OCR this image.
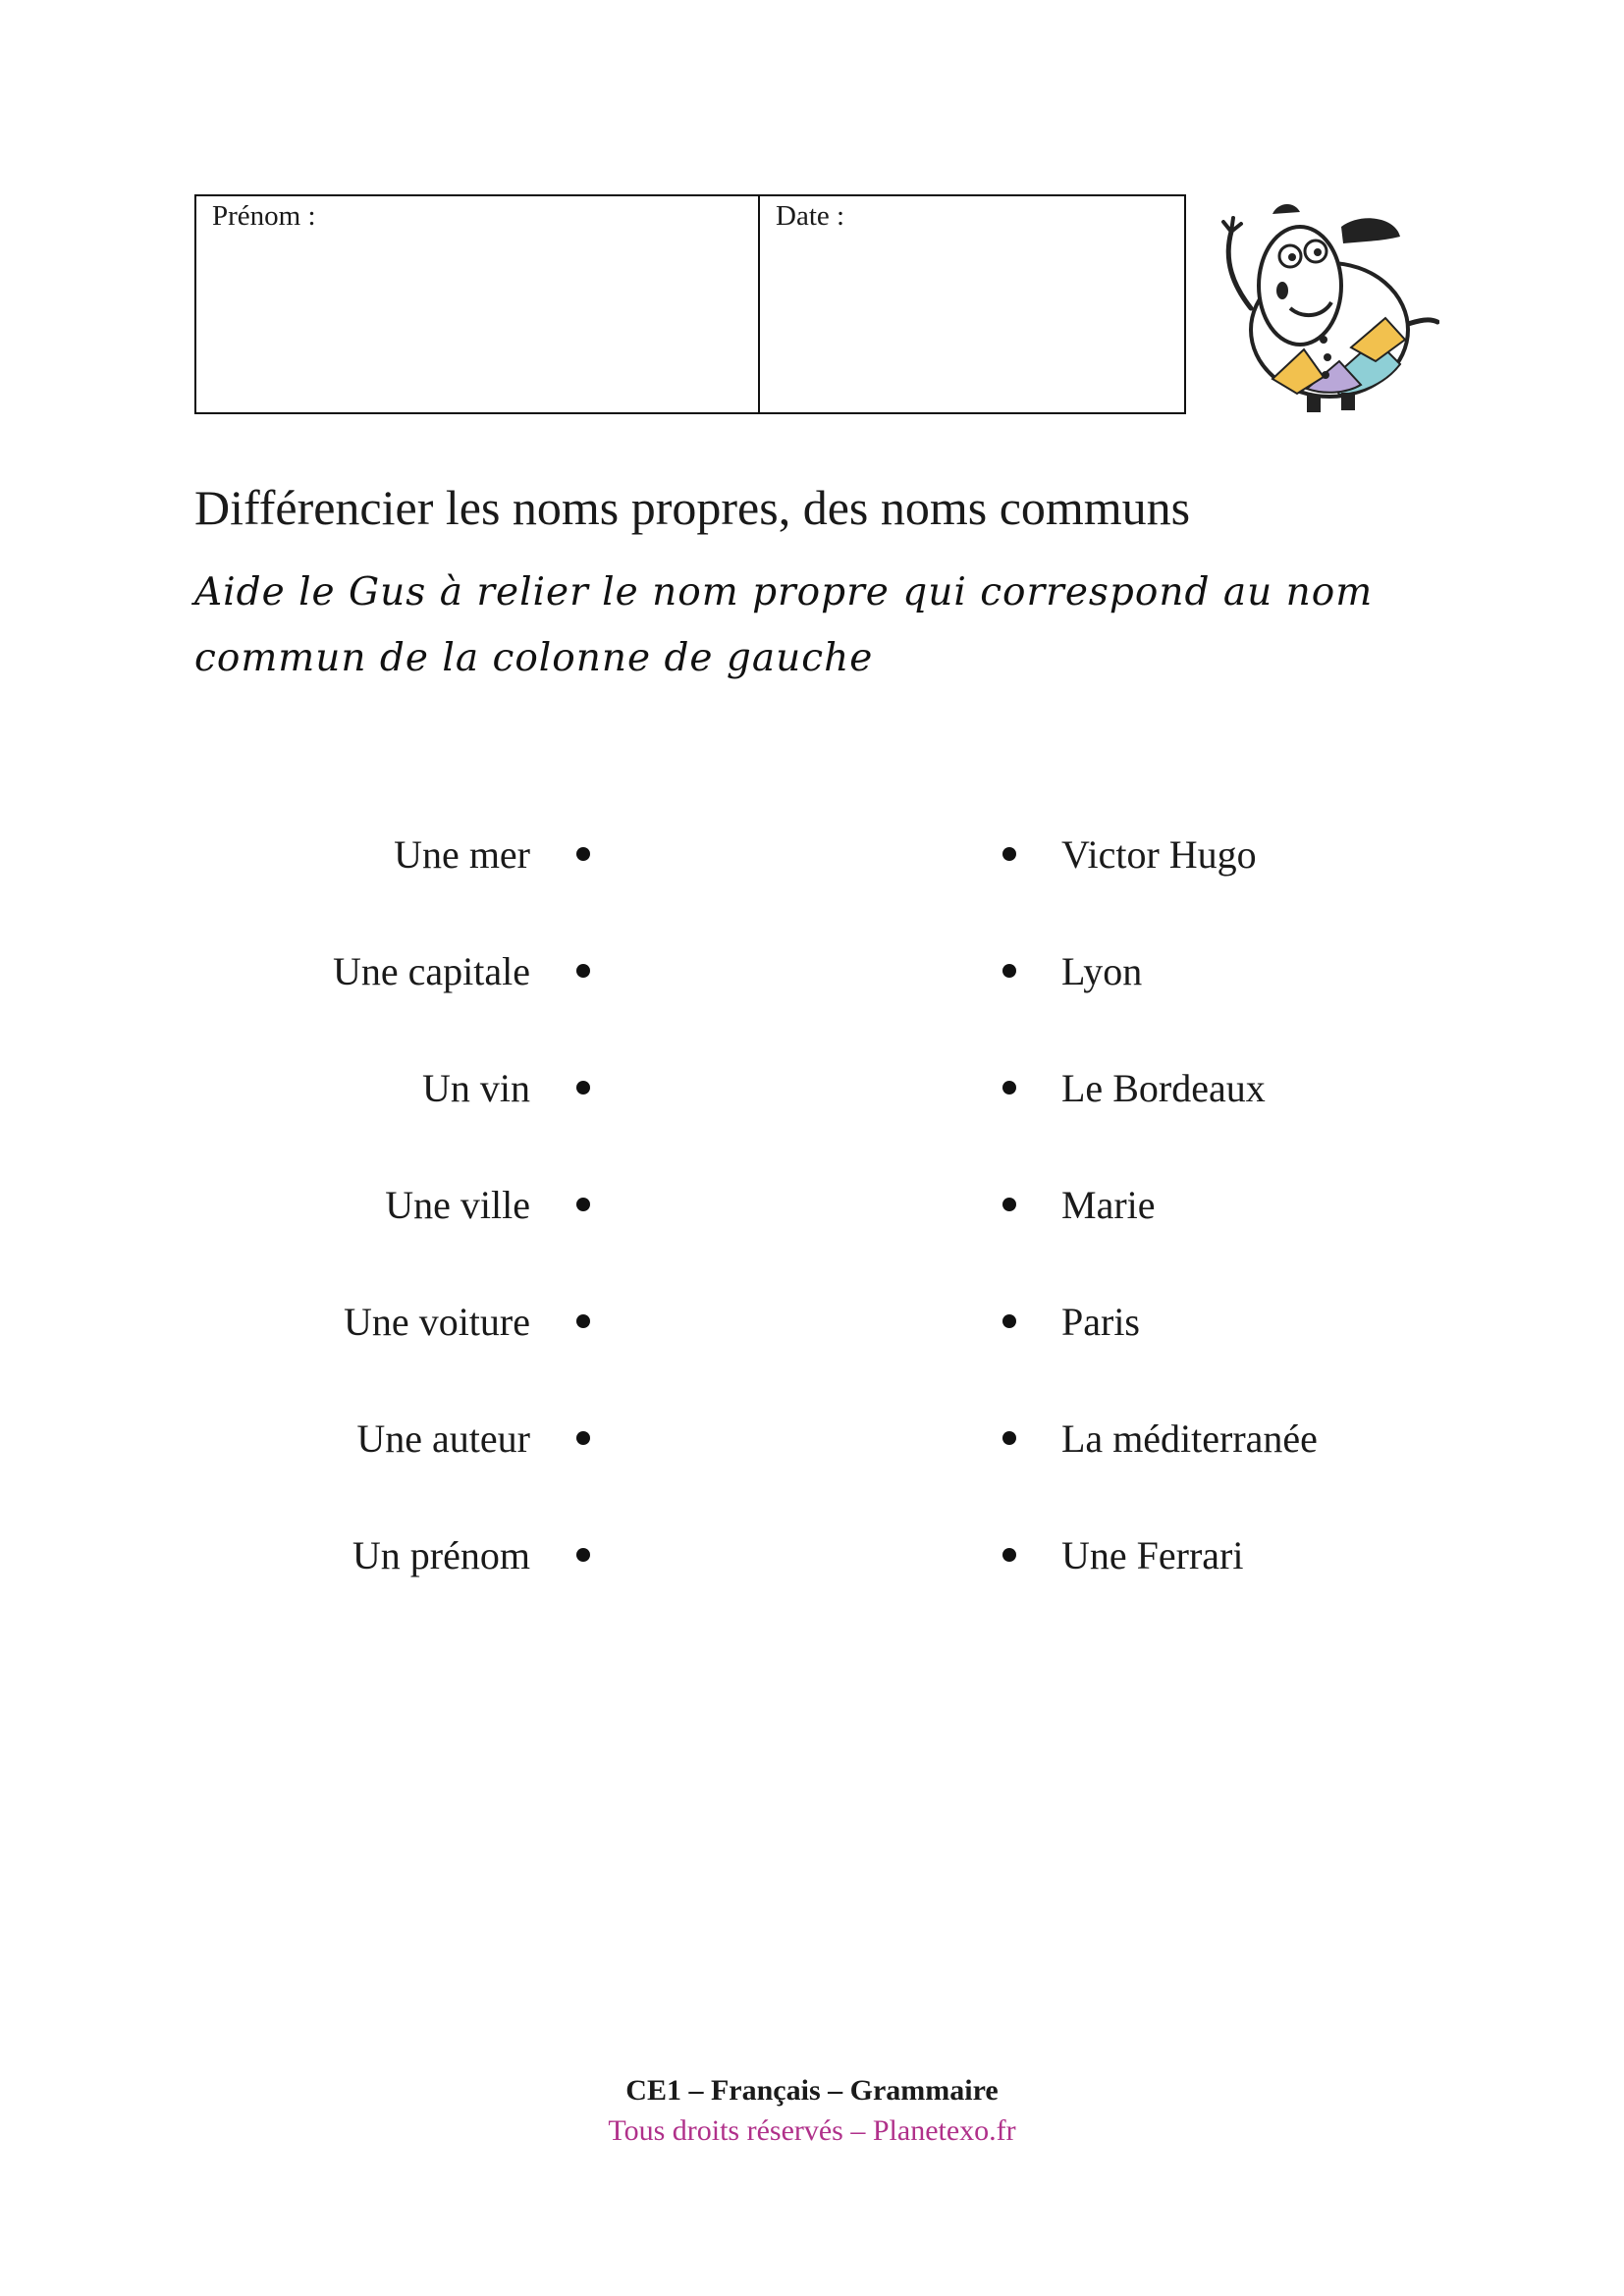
Prénom :	Date :
Différencier les noms propres, des noms communs
Aide le Gus à relier le nom propre qui correspond au nom commun de la colonne de gauche
Une mer	Victor Hugo
Une capitale	Lyon
Un vin	Le Bordeaux
Une ville	Marie
Une voiture	Paris
Une auteur	La méditerranée
Un prénom	Une Ferrari
CE1 – Français – Grammaire
Tous droits réservés – Planetexo.fr
